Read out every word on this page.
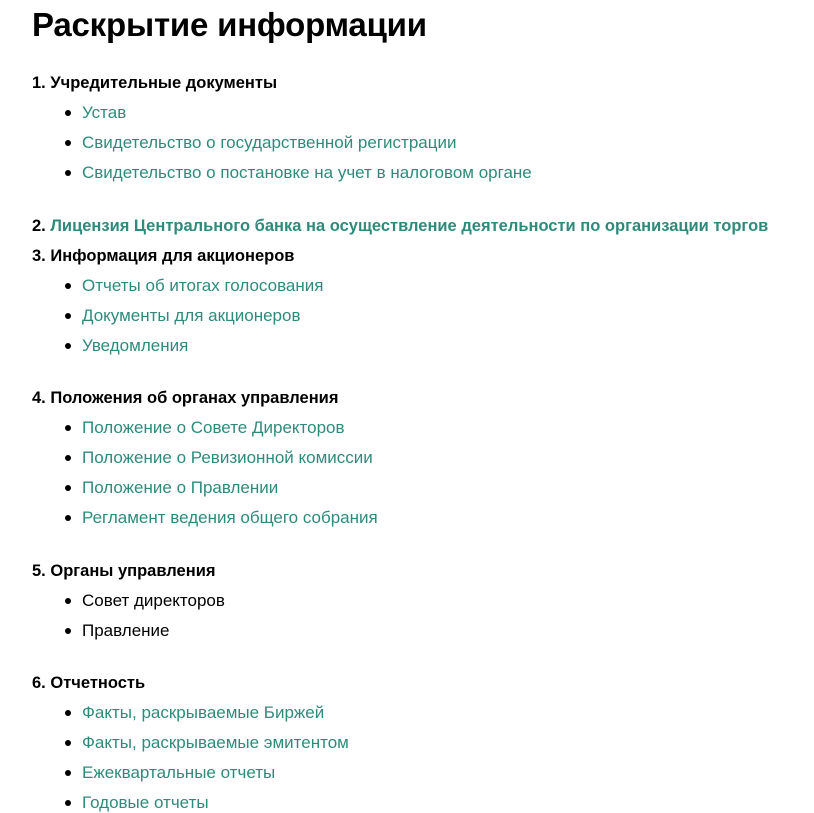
Раскрытие информации
1. Учредительные документы
Устав
Свидетельство о государственной регистрации
Свидетельство о постановке на учет в налоговом органе
2. Лицензия Центрального банка на осуществление деятельности по организации торгов
3. Информация для акционеров
Отчеты об итогах голосования
Документы для акционеров
Уведомления
4. Положения об органах управления
Положение о Совете Директоров
Положение о Ревизионной комиссии
Положение о Правлении
Регламент ведения общего собрания
5. Органы управления
Совет директоров
Правление
6. Отчетность
Факты, раскрываемые Биржей
Факты, раскрываемые эмитентом
Ежеквартальные отчеты
Годовые отчеты
